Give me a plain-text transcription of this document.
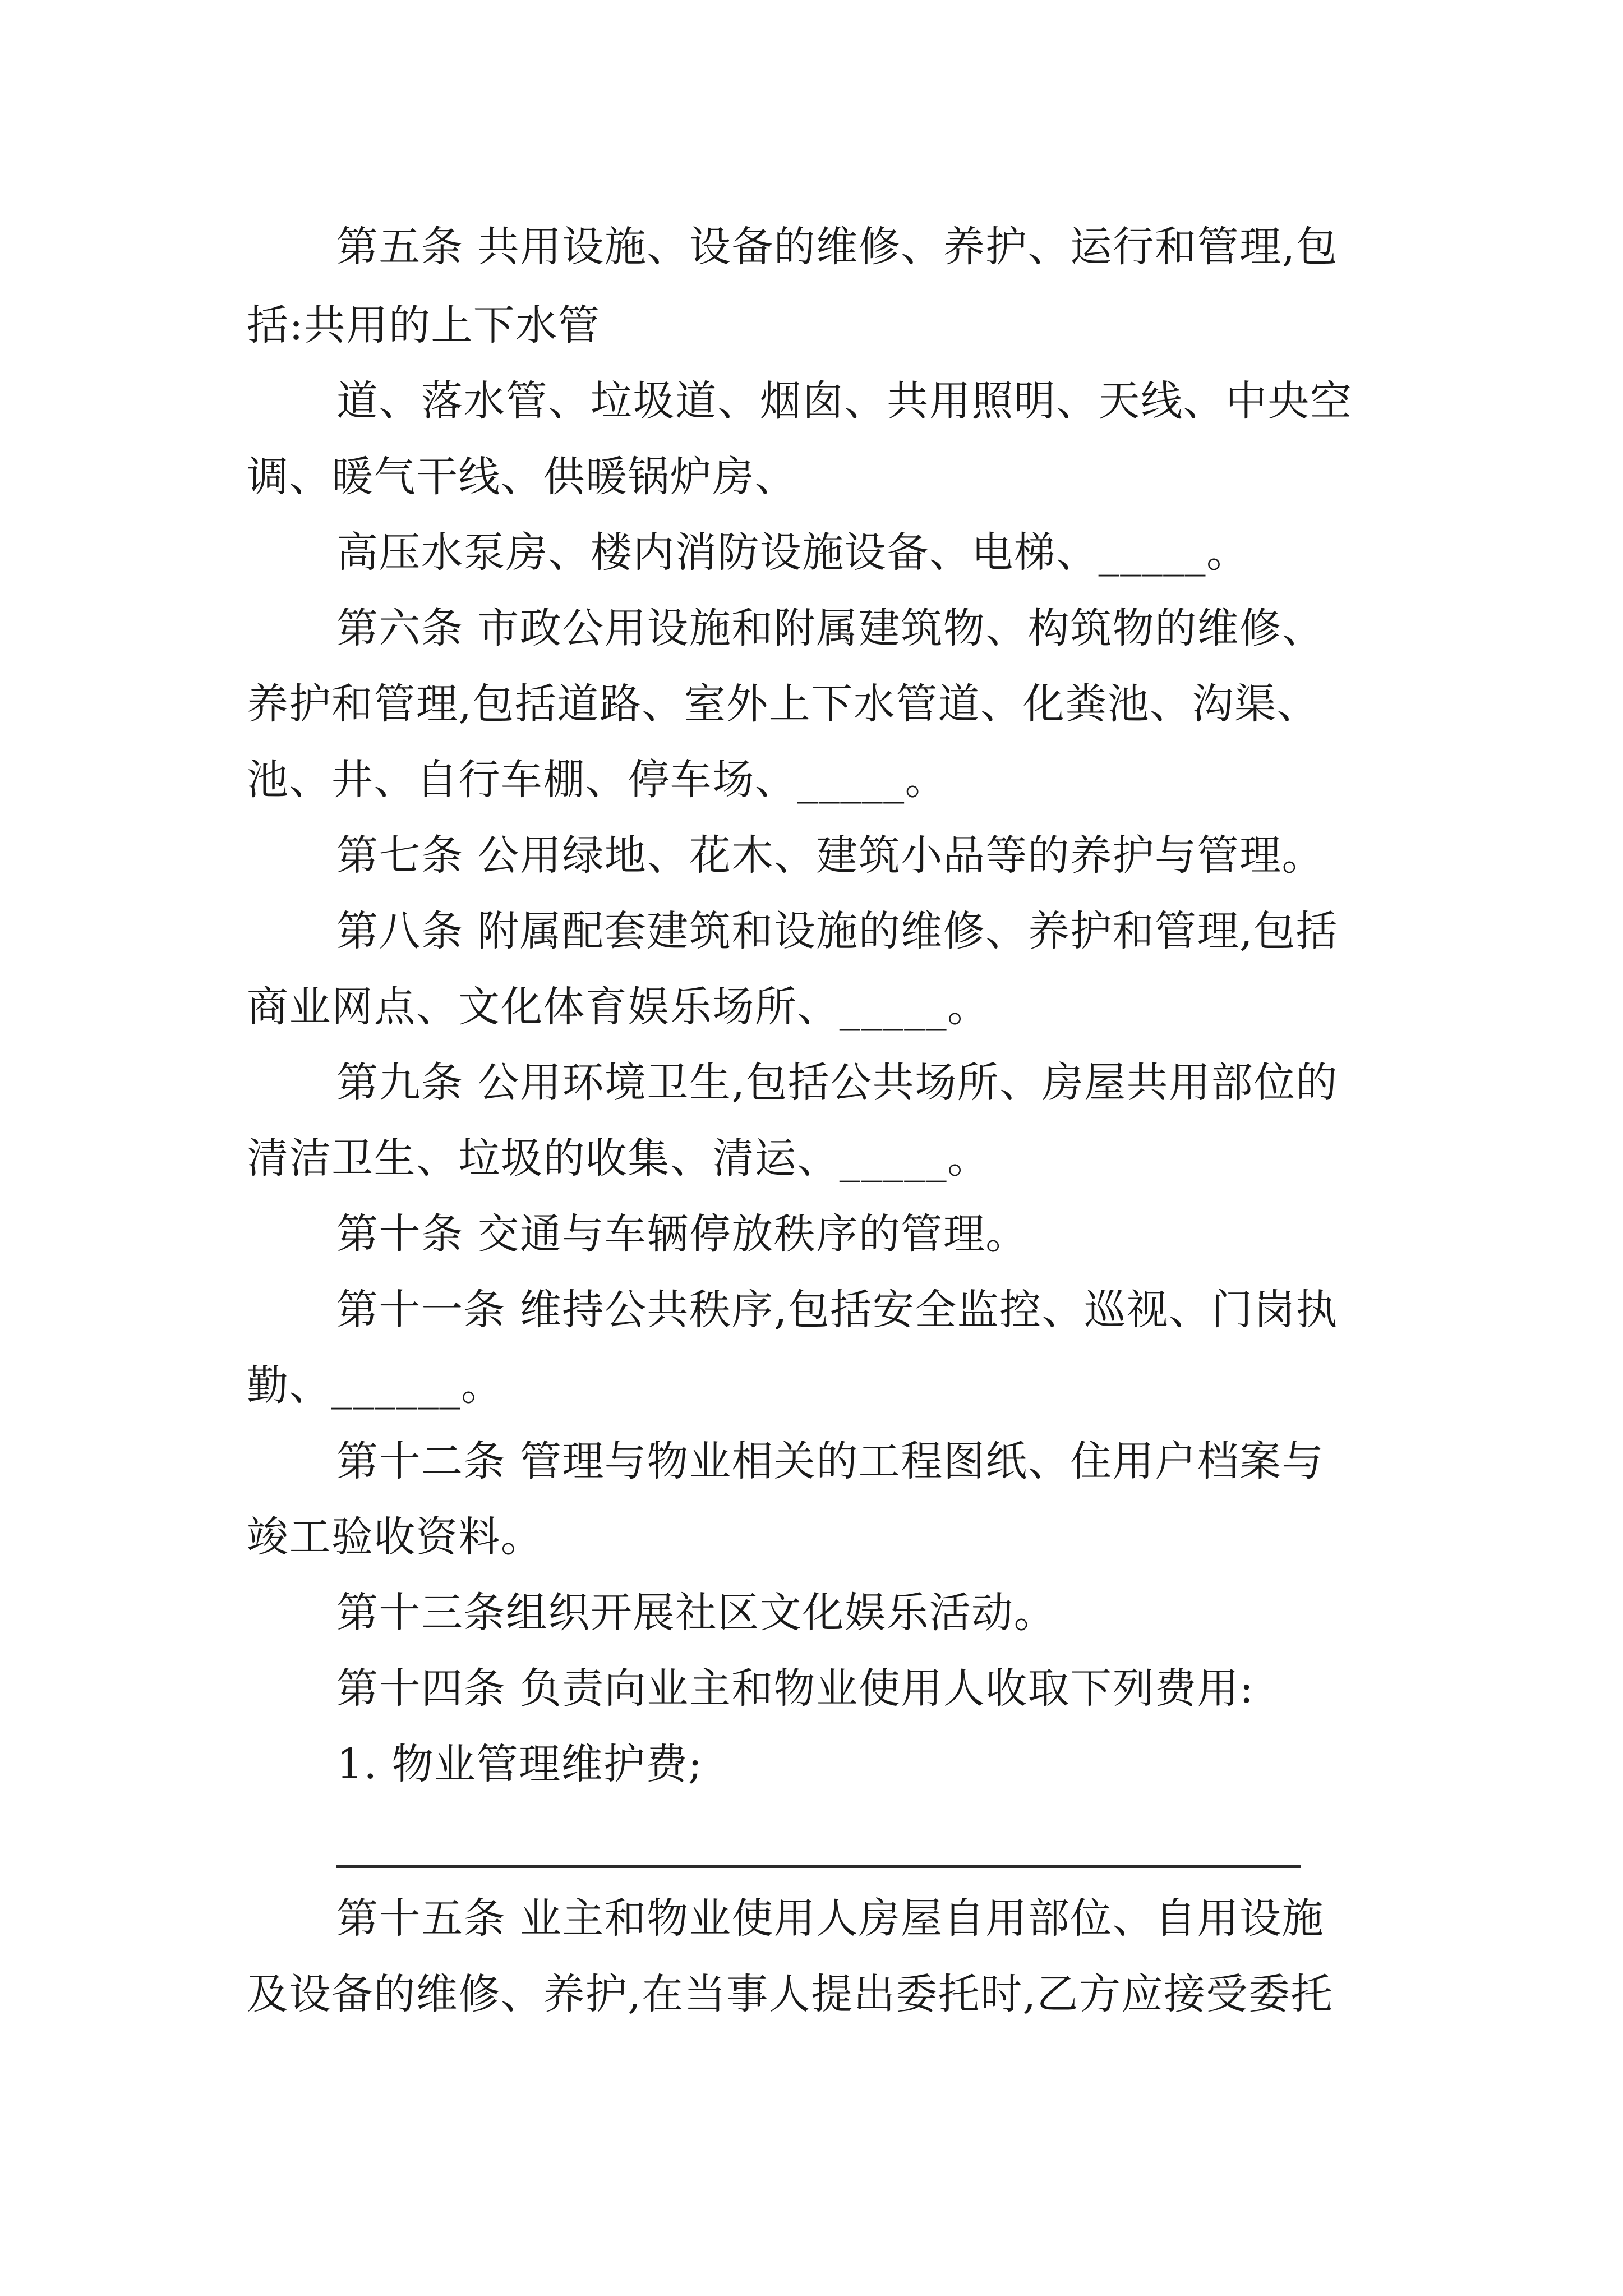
第五条 共用设施、设备的维修、养护、运行和管理,包
括:共用的上下水管
道、落水管、垃圾道、烟囱、共用照明、天线、中央空
调、暖气干线、供暖锅炉房、
高压水泵房、楼内消防设施设备、电梯、_____。
第六条 市政公用设施和附属建筑物、构筑物的维修、
养护和管理,包括道路、室外上下水管道、化粪池、沟渠、
池、井、自行车棚、停车场、_____。
第七条 公用绿地、花木、建筑小品等的养护与管理。
第八条 附属配套建筑和设施的维修、养护和管理,包括
商业网点、文化体育娱乐场所、_____。
第九条 公用环境卫生,包括公共场所、房屋共用部位的
清洁卫生、垃圾的收集、清运、_____。
第十条 交通与车辆停放秩序的管理。
第十一条 维持公共秩序,包括安全监控、巡视、门岗执
勤、______。
第十二条 管理与物业相关的工程图纸、住用户档案与
竣工验收资料。
第十三条组织开展社区文化娱乐活动。
第十四条 负责向业主和物业使用人收取下列费用:
1. 物业管理维护费;
第十五条 业主和物业使用人房屋自用部位、自用设施
及设备的维修、养护,在当事人提出委托时,乙方应接受委托
